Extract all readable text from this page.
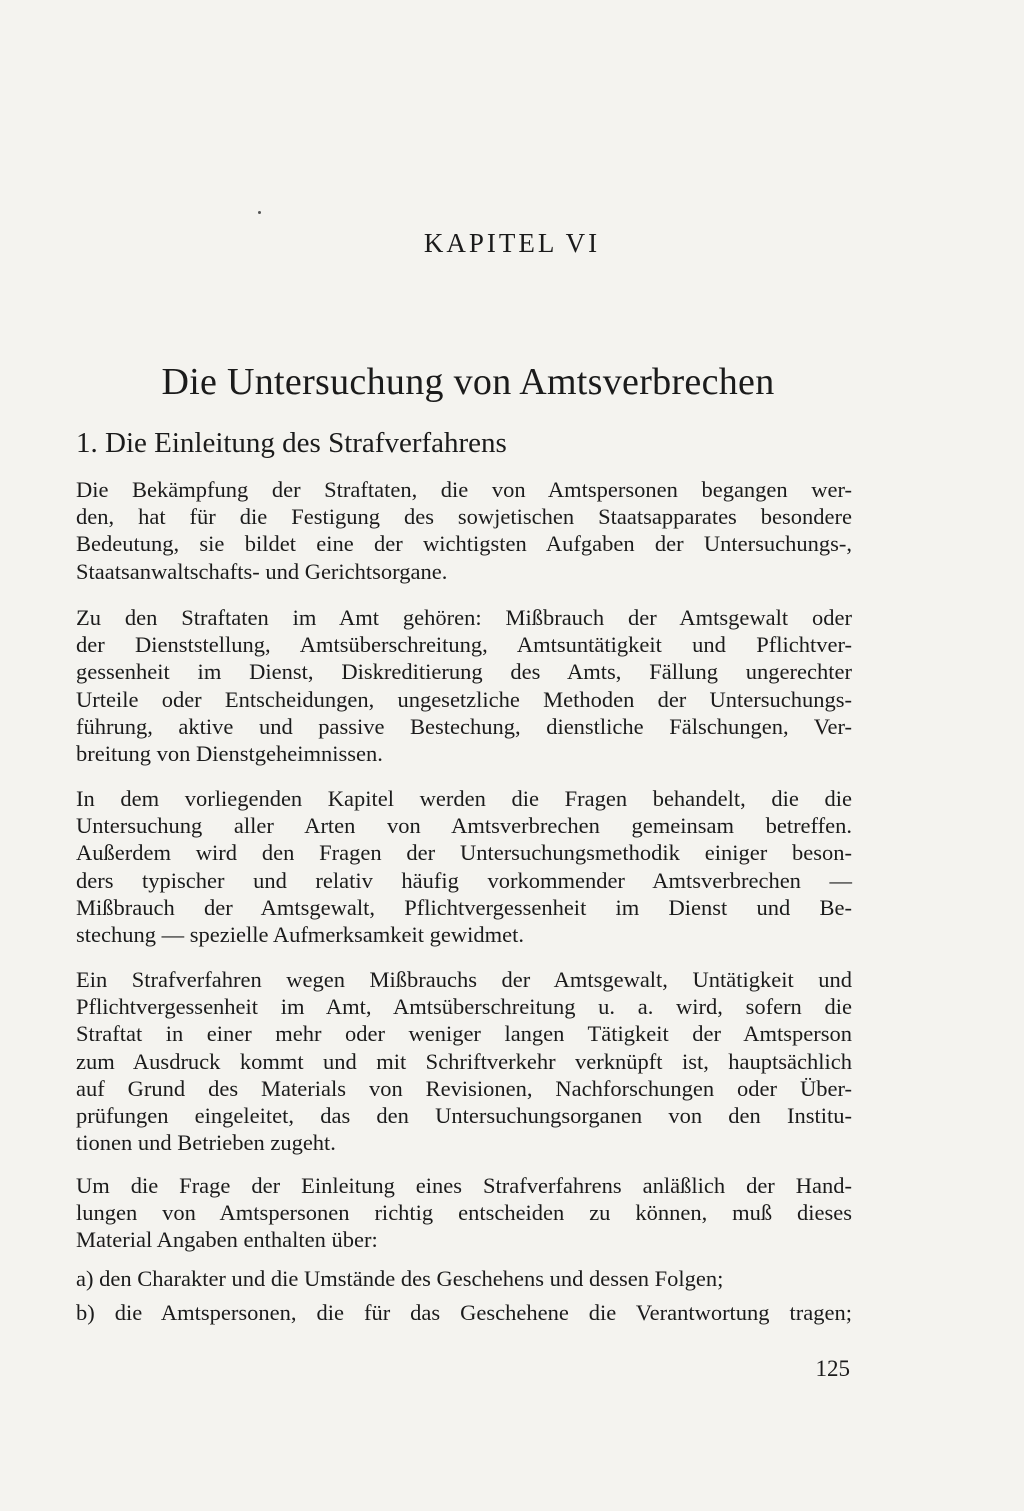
KAPITEL VI
Die Untersuchung von Amtsverbrechen
1. Die Einleitung des Strafverfahrens

Die Bekämpfung der Straftaten, die von Amtspersonen begangen wer-
den, hat für die Festigung des sowjetischen Staatsapparates besondere
Bedeutung, sie bildet eine der wichtigsten Aufgaben der Untersuchungs-,
Staatsanwaltschafts- und Gerichtsorgane.

Zu den Straftaten im Amt gehören: Mißbrauch der Amtsgewalt oder
der Dienststellung, Amtsüberschreitung, Amtsuntätigkeit und Pflichtver-
gessenheit im Dienst, Diskreditierung des Amts, Fällung ungerechter
Urteile oder Entscheidungen, ungesetzliche Methoden der Untersuchungs-
führung, aktive und passive Bestechung, dienstliche Fälschungen, Ver-
breitung von Dienstgeheimnissen.

In dem vorliegenden Kapitel werden die Fragen behandelt, die die
Untersuchung aller Arten von Amtsverbrechen gemeinsam betreffen.
Außerdem wird den Fragen der Untersuchungsmethodik einiger beson-
ders typischer und relativ häufig vorkommender Amtsverbrechen —
Mißbrauch der Amtsgewalt, Pflichtvergessenheit im Dienst und Be-
stechung — spezielle Aufmerksamkeit gewidmet.

Ein Strafverfahren wegen Mißbrauchs der Amtsgewalt, Untätigkeit und
Pflichtvergessenheit im Amt, Amtsüberschreitung u. a. wird, sofern die
Straftat in einer mehr oder weniger langen Tätigkeit der Amtsperson
zum Ausdruck kommt und mit Schriftverkehr verknüpft ist, hauptsächlich
auf Grund des Materials von Revisionen, Nachforschungen oder Über-
prüfungen eingeleitet, das den Untersuchungsorganen von den Institu-
tionen und Betrieben zugeht.

Um die Frage der Einleitung eines Strafverfahrens anläßlich der Hand-
lungen von Amtspersonen richtig entscheiden zu können, muß dieses
Material Angaben enthalten über:

a) den Charakter und die Umstände des Geschehens und dessen Folgen;
b) die Amtspersonen, die für das Geschehene die Verantwortung tragen;
125
